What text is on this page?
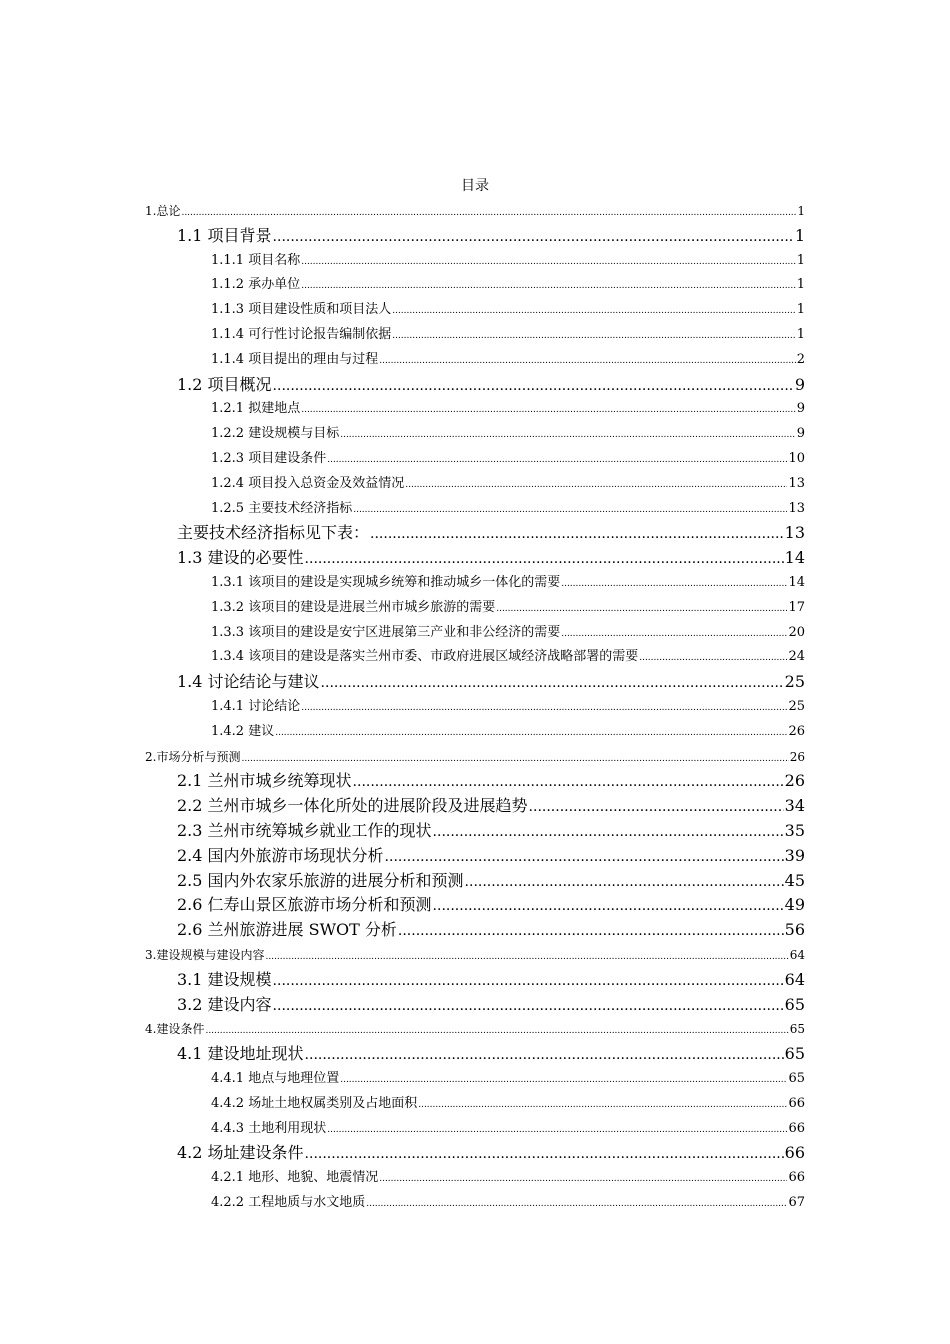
目录
1.总论 .....	1
1.1 项目背景 .....	1
1.1.1 项目名称 .....	1
1.1.2 承办单位 .....	1
1.1.3 项目建设性质和项目法人 .....	1
1.1.4 可行性讨论报告编制依据 .....	1
1.1.4 项目提出的理由与过程 .....	2
1.2 项目概况 .....	9
1.2.1 拟建地点 .....	9
1.2.2 建设规模与目标 .....	9
1.2.3 项目建设条件 .....	10
1.2.4 项目投入总资金及效益情况 .....	13
1.2.5 主要技术经济指标 .....	13
主要技术经济指标见下表： .....	13
1.3 建设的必要性 .....	14
1.3.1 该项目的建设是实现城乡统筹和推动城乡一体化的需要 .....	14
1.3.2 该项目的建设是进展兰州市城乡旅游的需要 .....	17
1.3.3 该项目的建设是安宁区进展第三产业和非公经济的需要 .....	20
1.3.4 该项目的建设是落实兰州市委、市政府进展区域经济战略部署的需要 .....	24
1.4 讨论结论与建议 .....	25
1.4.1 讨论结论 .....	25
1.4.2 建议 .....	26
2.市场分析与预测 .....	26
2.1 兰州市城乡统筹现状 .....	26
2.2 兰州市城乡一体化所处的进展阶段及进展趋势 .....	34
2.3 兰州市统筹城乡就业工作的现状 .....	35
2.4 国内外旅游市场现状分析 .....	39
2.5 国内外农家乐旅游的进展分析和预测 .....	45
2.6 仁寿山景区旅游市场分析和预测 .....	49
2.6 兰州旅游进展 SWOT 分析 .....	56
3.建设规模与建设内容 .....	64
3.1 建设规模 .....	64
3.2 建设内容 .....	65
4.建设条件 .....	65
4.1 建设地址现状 .....	65
4.4.1 地点与地理位置 .....	65
4.4.2 场址土地权属类别及占地面积 .....	66
4.4.3 土地利用现状 .....	66
4.2 场址建设条件 .....	66
4.2.1 地形、地貌、地震情况 .....	66
4.2.2 工程地质与水文地质 .....	67
